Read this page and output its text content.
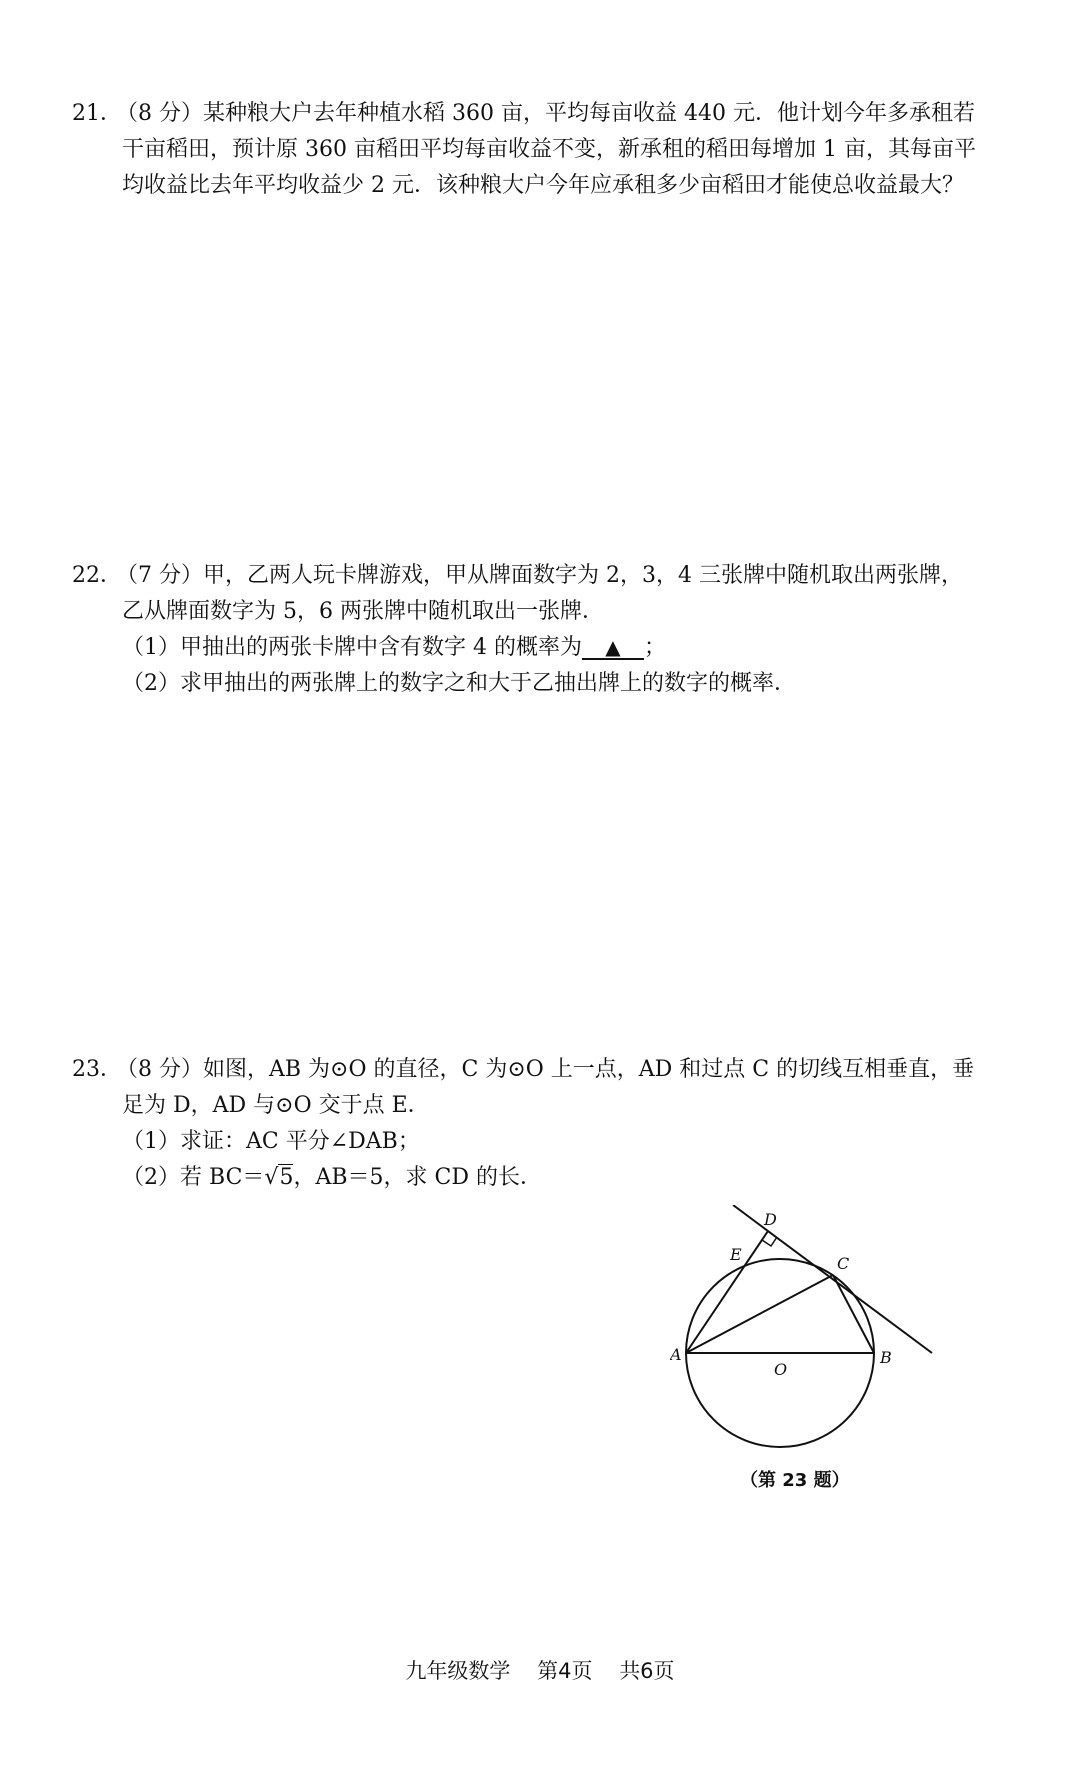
21．（8 分）某种粮大户去年种植水稻 360 亩，平均每亩收益 440 元．他计划今年多承租若
干亩稻田，预计原 360 亩稻田平均每亩收益不变，新承租的稻田每增加 1 亩，其每亩平
均收益比去年平均收益少 2 元．该种粮大户今年应承租多少亩稻田才能使总收益最大？
22．（7 分）甲，乙两人玩卡牌游戏，甲从牌面数字为 2，3，4 三张牌中随机取出两张牌，
乙从牌面数字为 5，6 两张牌中随机取出一张牌．
（1）甲抽出的两张卡牌中含有数字 4 的概率为 ▲ ；
（2）求甲抽出的两张牌上的数字之和大于乙抽出牌上的数字的概率．
23．（8 分）如图，AB 为⊙O 的直径，C 为⊙O 上一点，AD 和过点 C 的切线互相垂直，垂
足为 D，AD 与⊙O 交于点 E．
（1）求证：AC 平分∠DAB；
（2）若 BC＝√5，AB＝5，求 CD 的长．
D
E	C
A	B
O
（第 23 题）
九年级数学 第4页 共6页
